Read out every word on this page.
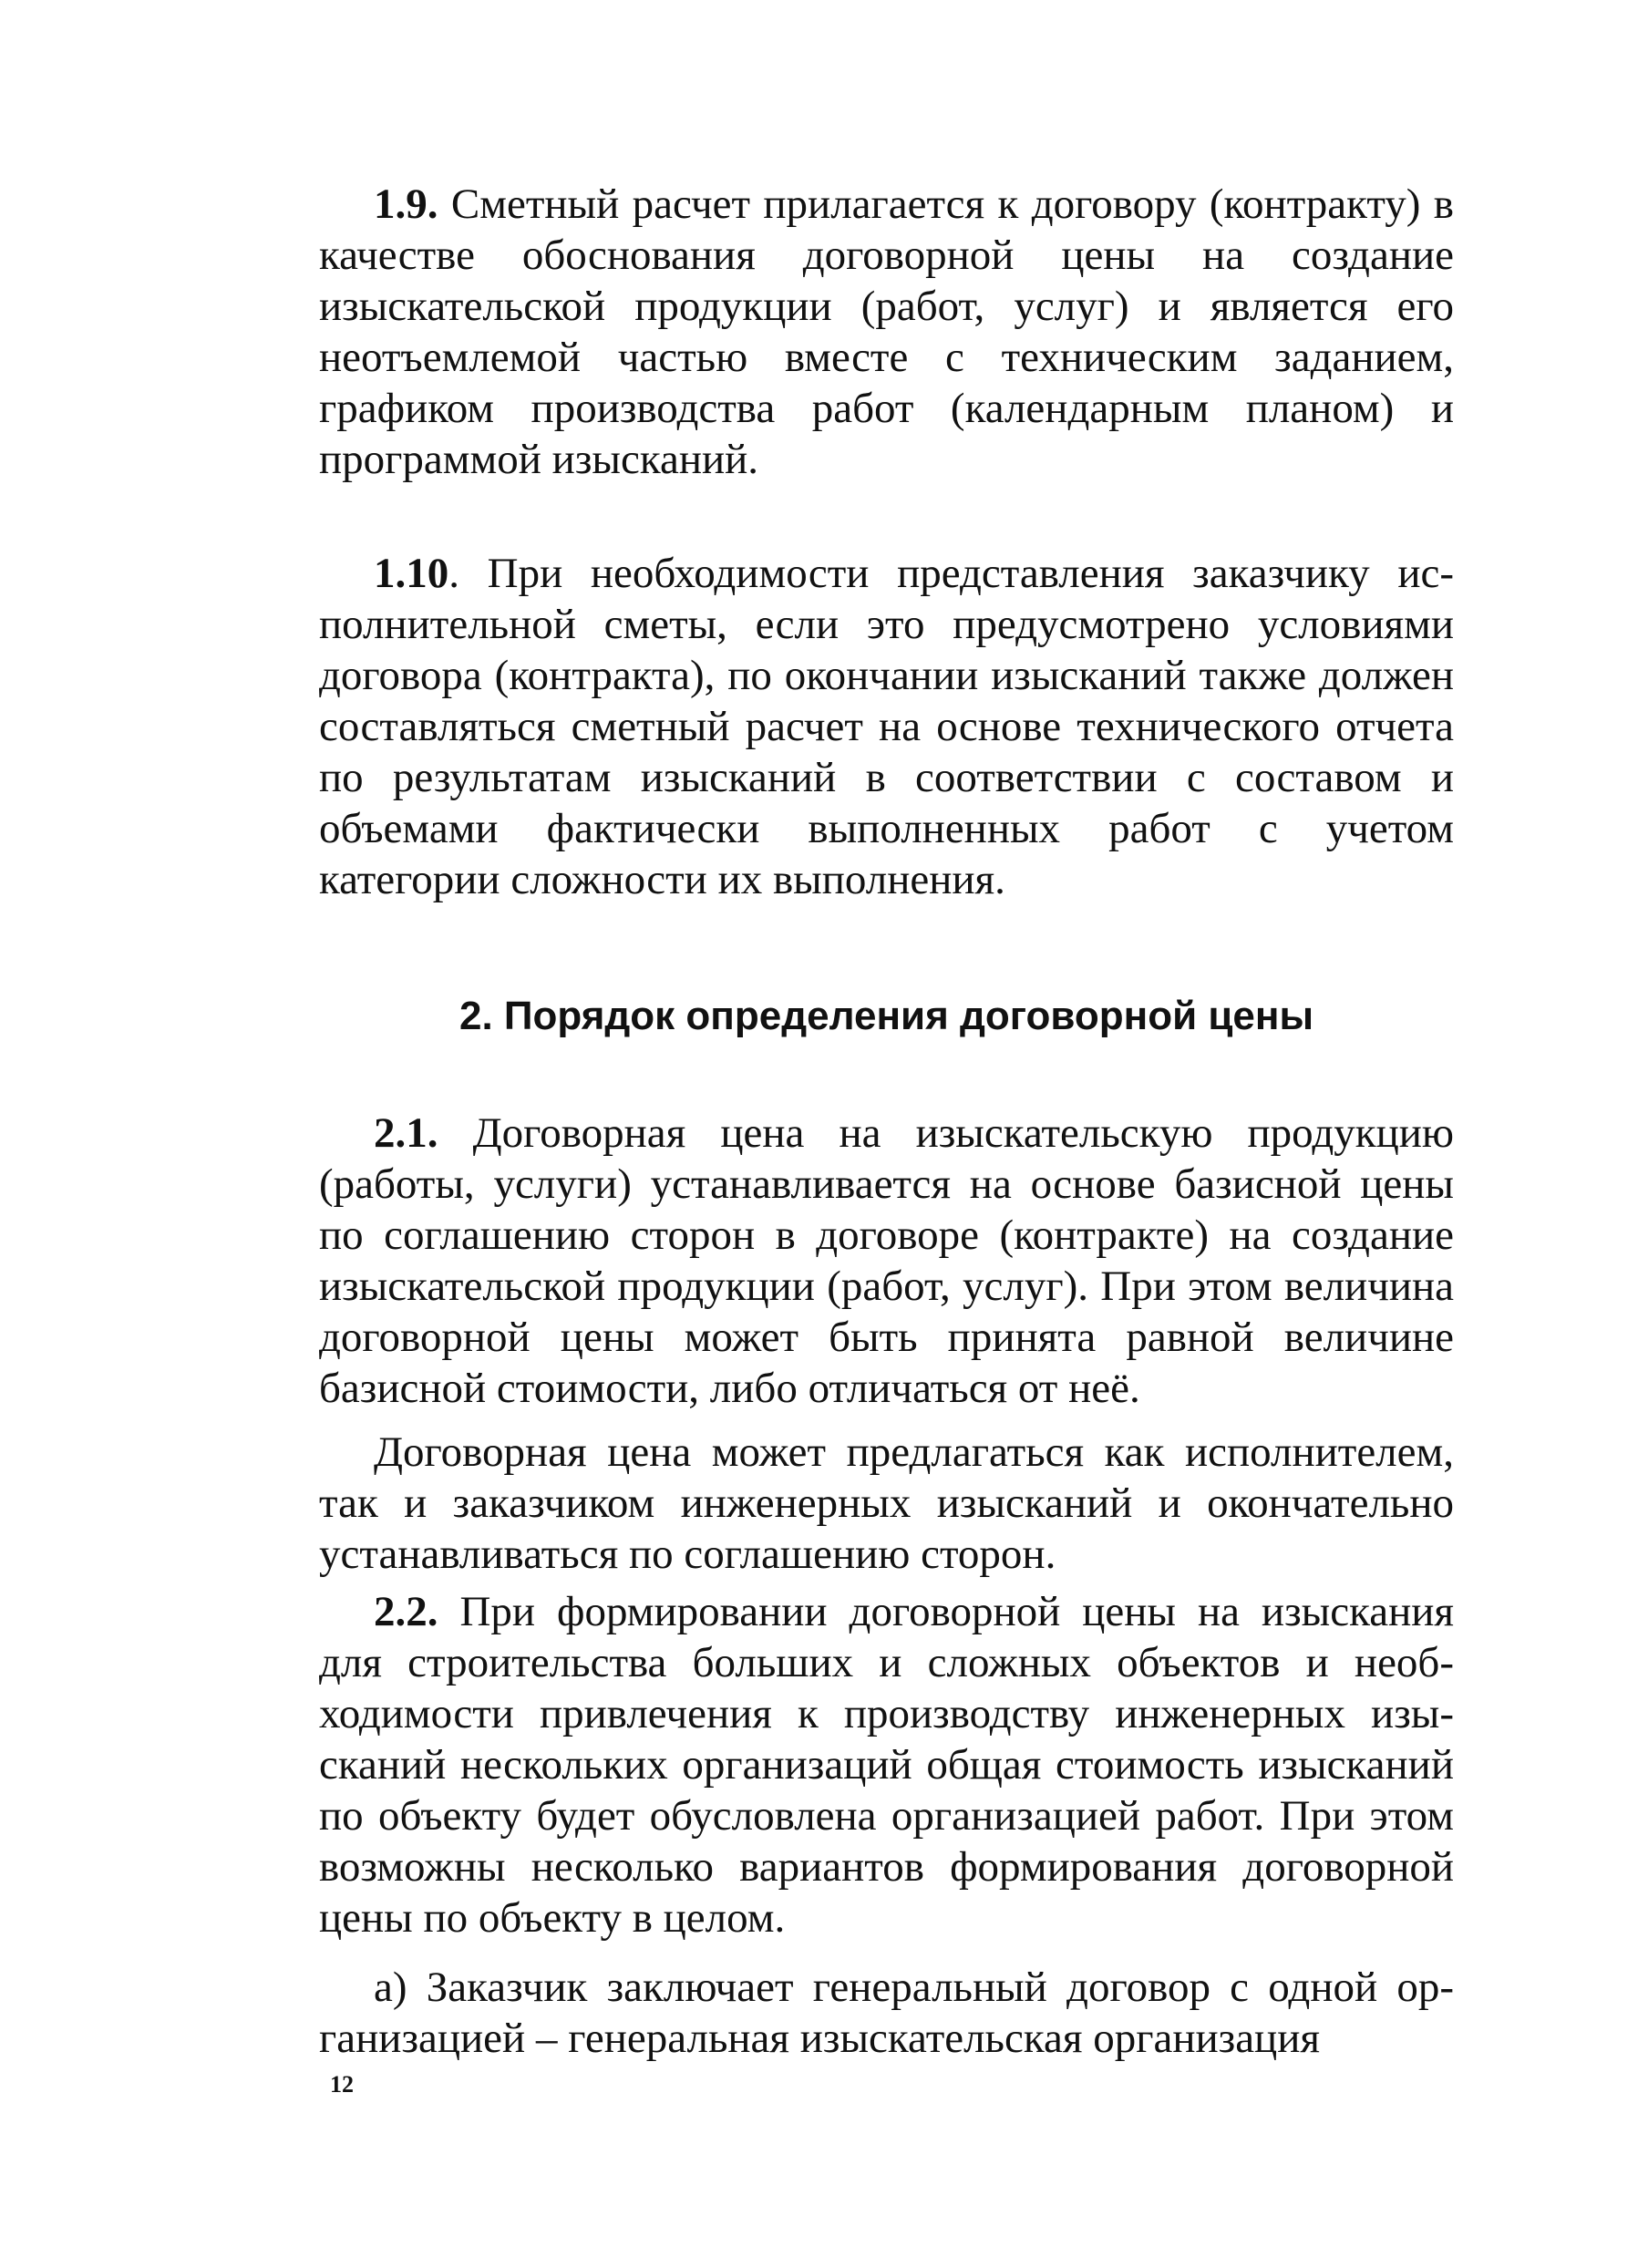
1.9. Сметный расчет прилагается к договору (контракту) в качестве обоснования договорной цены на создание изыскательской продукции (работ, услуг) и является его неотъемлемой частью вместе с техническим заданием, графиком производства работ (календарным планом) и программой изысканий.

1.10. При необходимости представления заказчику исполнительной сметы, если это предусмотрено условиями договора (контракта), по окончании изысканий также должен составляться сметный расчет на основе технического отчета по результатам изысканий в соответствии с составом и объемами фактически выполненных работ с учетом категории сложности их выполнения.

2. Порядок определения договорной цены

2.1. Договорная цена на изыскательскую продукцию (работы, услуги) устанавливается на основе базисной цены по соглашению сторон в договоре (контракте) на создание изыскательской продукции (работ, услуг). При этом величина договорной цены может быть принята равной величине базисной стоимости, либо отличаться от неё.

Договорная цена может предлагаться как исполнителем, так и заказчиком инженерных изысканий и окончательно устанавливаться по соглашению сторон.

2.2. При формировании договорной цены на изыскания для строительства больших и сложных объектов и необходимости привлечения к производству инженерных изысканий нескольких организаций общая стоимость изысканий по объекту будет обусловлена организацией работ. При этом возможны несколько вариантов формирования договорной цены по объекту в целом.

а) Заказчик заключает генеральный договор с одной организацией – генеральная изыскательская организация

12
